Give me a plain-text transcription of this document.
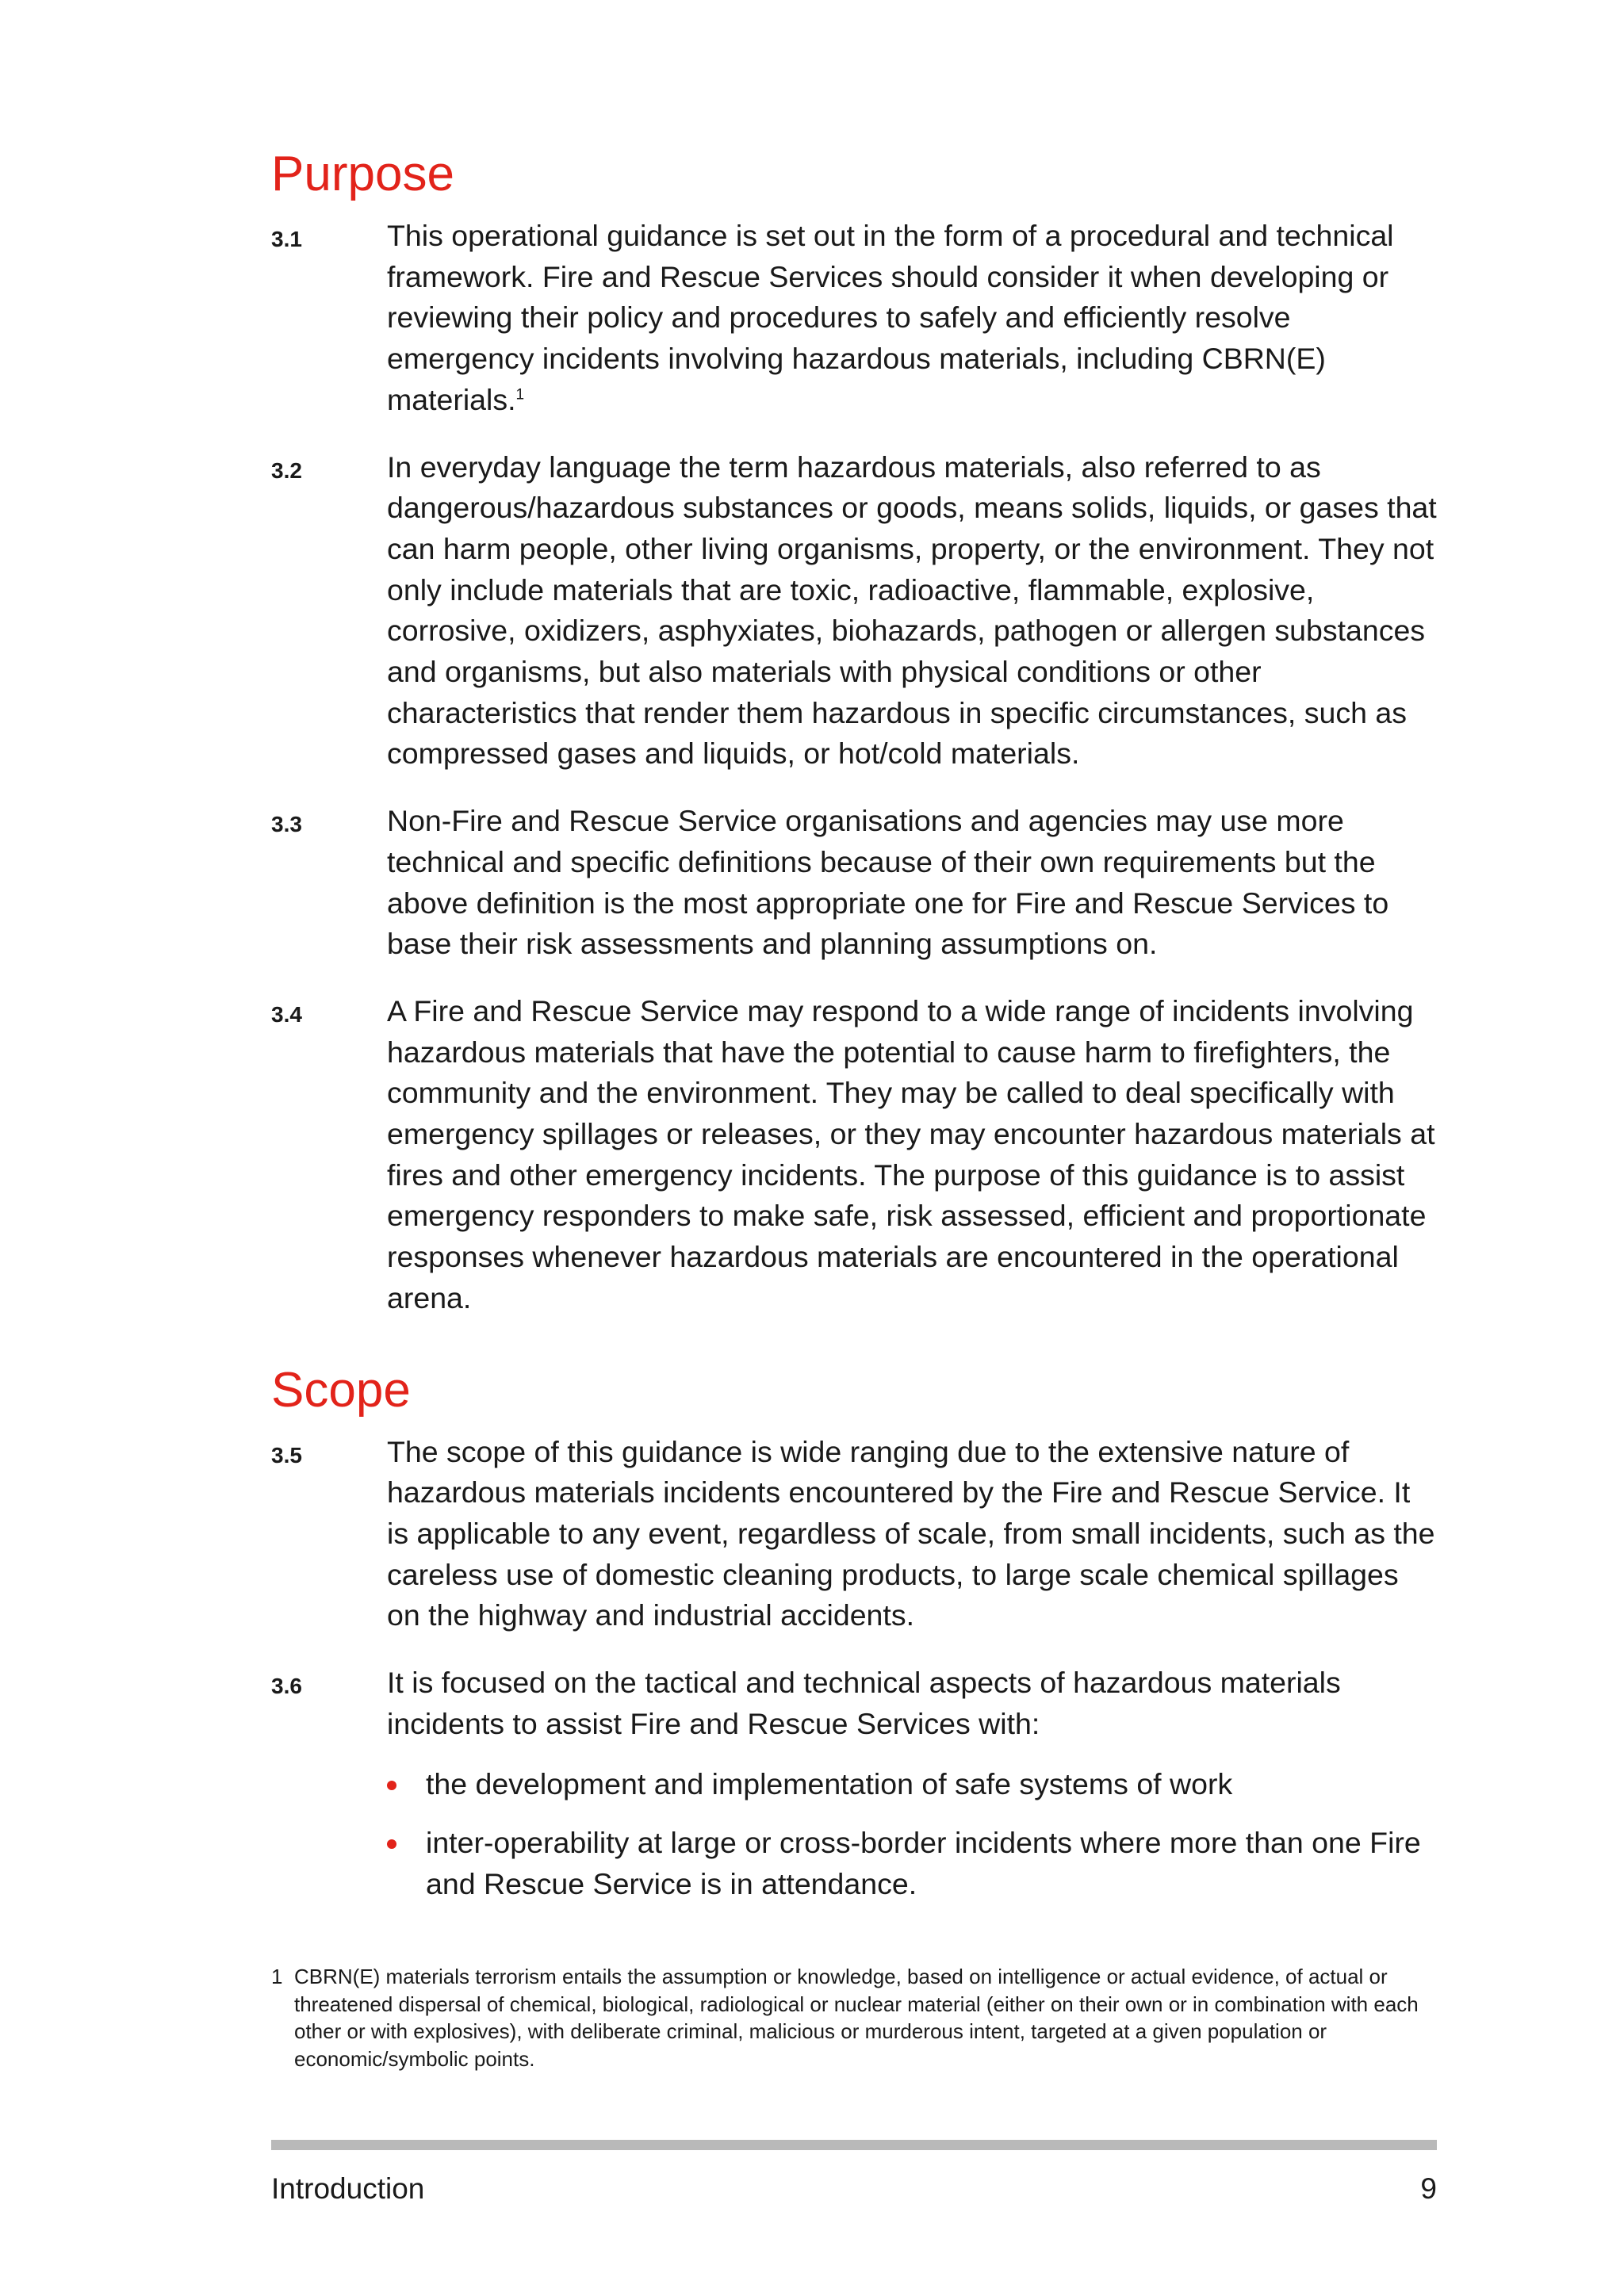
Purpose
3.1	This operational guidance is set out in the form of a procedural and technical framework. Fire and Rescue Services should consider it when developing or reviewing their policy and procedures to safely and efficiently resolve emergency incidents involving hazardous materials, including CBRN(E) materials.$^1$
3.2	In everyday language the term hazardous materials, also referred to as dangerous/hazardous substances or goods, means solids, liquids, or gases that can harm people, other living organisms, property, or the environment. They not only include materials that are toxic, radioactive, flammable, explosive, corrosive, oxidizers, asphyxiates, biohazards, pathogen or allergen substances and organisms, but also materials with physical conditions or other characteristics that render them hazardous in specific circumstances, such as compressed gases and liquids, or hot/cold materials.
3.3	Non-Fire and Rescue Service organisations and agencies may use more technical and specific definitions because of their own requirements but the above definition is the most appropriate one for Fire and Rescue Services to base their risk assessments and planning assumptions on.
3.4	A Fire and Rescue Service may respond to a wide range of incidents involving hazardous materials that have the potential to cause harm to firefighters, the community and the environment. They may be called to deal specifically with emergency spillages or releases, or they may encounter hazardous materials at fires and other emergency incidents. The purpose of this guidance is to assist emergency responders to make safe, risk assessed, efficient and proportionate responses whenever hazardous materials are encountered in the operational arena.
Scope
3.5	The scope of this guidance is wide ranging due to the extensive nature of hazardous materials incidents encountered by the Fire and Rescue Service. It is applicable to any event, regardless of scale, from small incidents, such as the careless use of domestic cleaning products, to large scale chemical spillages on the highway and industrial accidents.
3.6	It is focused on the tactical and technical aspects of hazardous materials incidents to assist Fire and Rescue Services with:
the development and implementation of safe systems of work
inter-operability at large or cross-border incidents where more than one Fire and Rescue Service is in attendance.
1 CBRN(E) materials terrorism entails the assumption or knowledge, based on intelligence or actual evidence, of actual or threatened dispersal of chemical, biological, radiological or nuclear material (either on their own or in combination with each other or with explosives), with deliberate criminal, malicious or murderous intent, targeted at a given population or economic/symbolic points.
Introduction	9
